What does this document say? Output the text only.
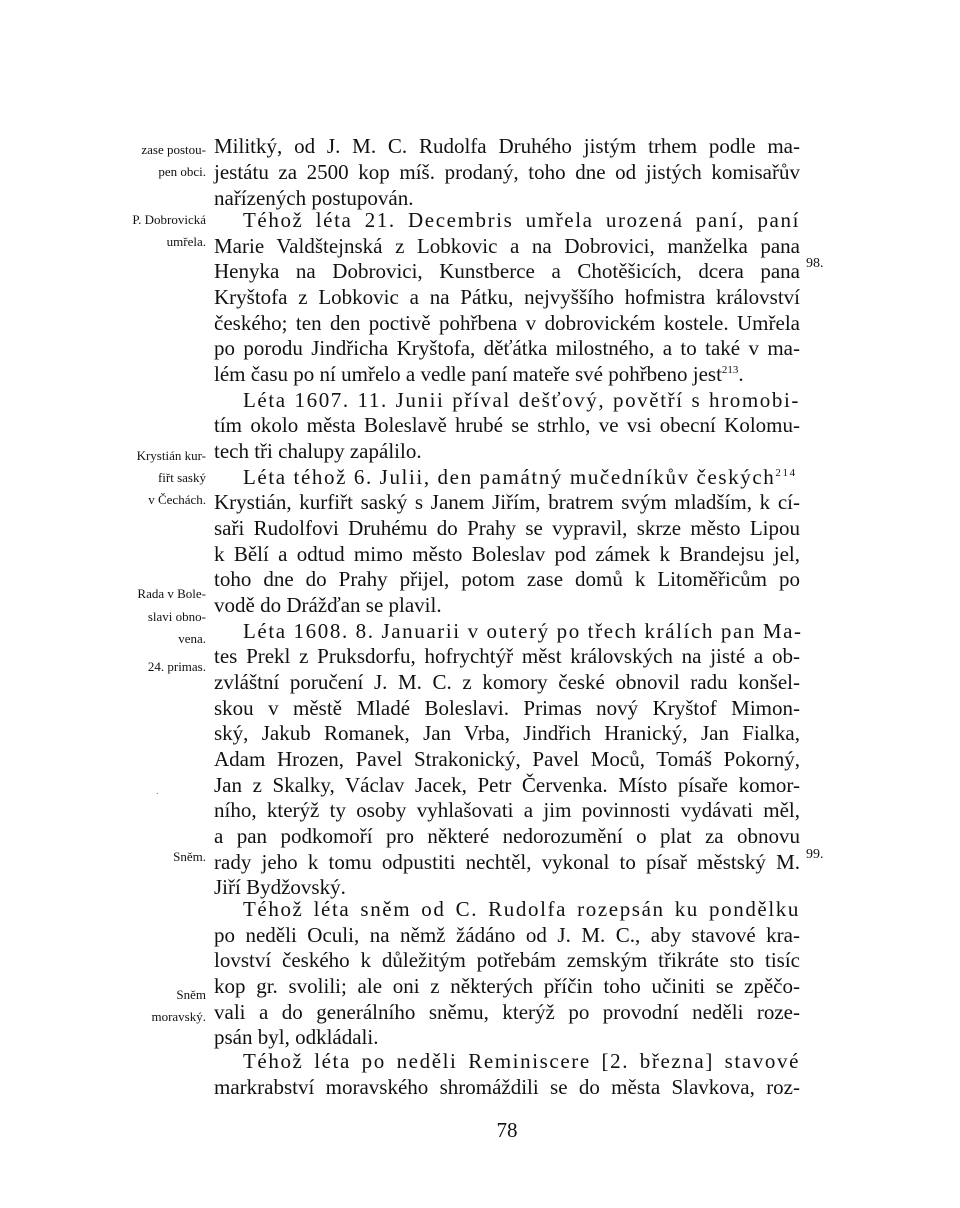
zase postou-
pen obci.
P. Dobrovická
umřela.
Krystián kur-
fiřt saský
v Čechách.
Rada v Bole-
slavi obno-
vena.
24. primas.
Sněm.
Sněm
moravský.
.
98.
99.
Militký, od J. M. C. Rudolfa Druhého jistým trhem podle ma-
jestátu za 2500 kop míš. prodaný, toho dne od jistých komisařův
nařízených postupován.
Téhož léta 21. Decembris umřela urozená paní, paní
Marie Valdštejnská z Lobkovic a na Dobrovici, manželka pana
Henyka na Dobrovici, Kunstberce a Chotěšicích, dcera pana
Kryštofa z Lobkovic a na Pátku, nejvyššího hofmistra království
českého; ten den poctivě pohřbena v dobrovickém kostele. Umřela
po porodu Jindřicha Kryštofa, děťátka milostného, a to také v ma-
lém času po ní umřelo a vedle paní mateře své pohřbeno jest$^{213}$.
Léta 1607. 11. Junii příval dešťový, povětří s hromobi-
tím okolo města Boleslavě hrubé se strhlo, ve vsi obecní Kolomu-
tech tři chalupy zapálilo.
Léta téhož 6. Julii, den památný mučedníkův českých$^{214}$
Krystián, kurfiřt saský s Janem Jiřím, bratrem svým mladším, k cí-
saři Rudolfovi Druhému do Prahy se vypravil, skrze město Lipou
k Bělí a odtud mimo město Boleslav pod zámek k Brandejsu jel,
toho dne do Prahy přijel, potom zase domů k Litoměřicům po
vodě do Drážďan se plavil.
Léta 1608. 8. Januarii v outerý po třech králích pan Ma-
tes Prekl z Pruksdorfu, hofrychtýř měst královských na jisté a ob-
zvláštní poručení J. M. C. z komory české obnovil radu konšel-
skou v městě Mladé Boleslavi. Primas nový Kryštof Mimon-
ský, Jakub Romanek, Jan Vrba, Jindřich Hranický, Jan Fialka,
Adam Hrozen, Pavel Strakonický, Pavel Moců, Tomáš Pokorný,
Jan z Skalky, Václav Jacek, Petr Červenka. Místo písaře komor-
ního, kterýž ty osoby vyhlašovati a jim povinnosti vydávati měl,
a pan podkomoří pro některé nedorozumění o plat za obnovu
rady jeho k tomu odpustiti nechtěl, vykonal to písař městský M.
Jiří Bydžovský.
Téhož léta sněm od C. Rudolfa rozepsán ku pondělku
po neděli Oculi, na němž žádáno od J. M. C., aby stavové kra-
lovství českého k důležitým potřebám zemským třikráte sto tisíc
kop gr. svolili; ale oni z některých příčin toho učiniti se zpěčo-
vali a do generálního sněmu, kterýž po provodní neděli roze-
psán byl, odkládali.
Téhož léta po neděli Reminiscere [2. března] stavové
markrabství moravského shromáždili se do města Slavkova, roz-
78
